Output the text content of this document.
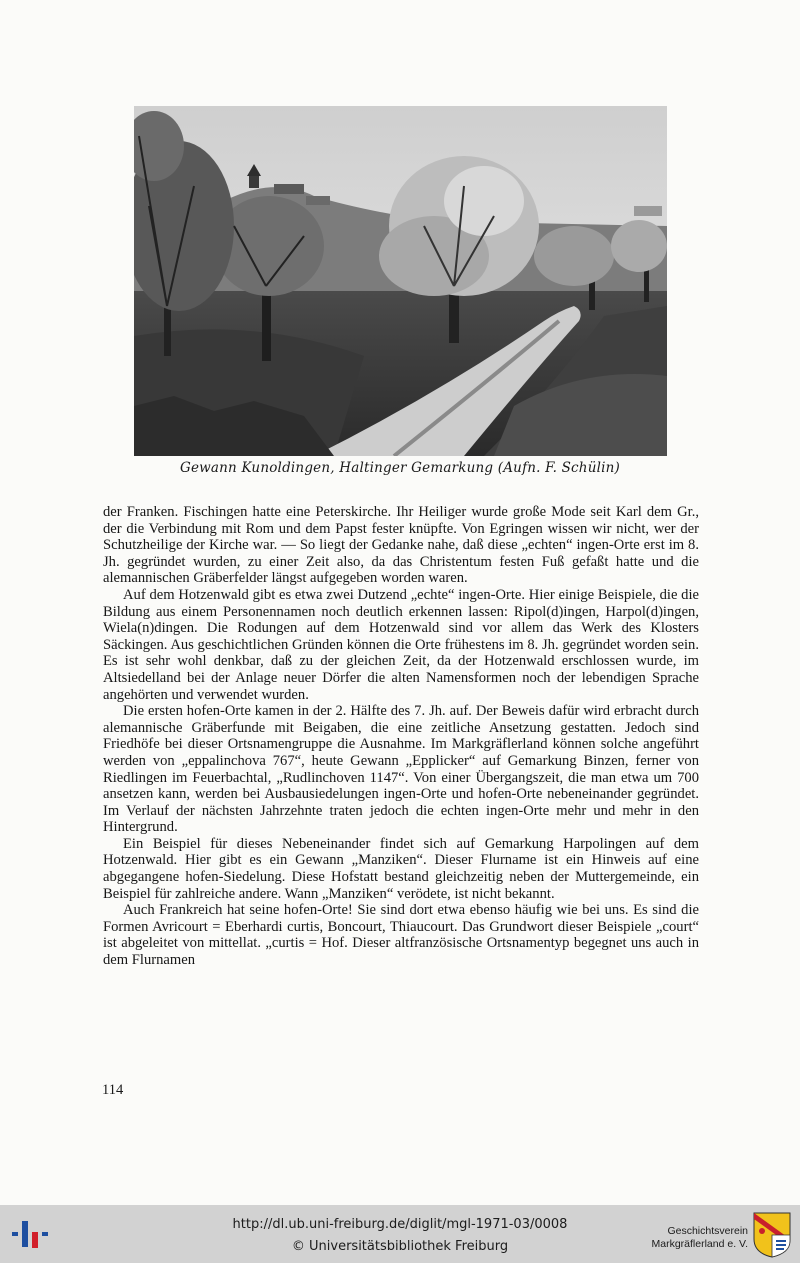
Gewann Kunoldingen, Haltinger Gemarkung (Aufn. F. Schülin)

der Franken. Fischingen hatte eine Peterskirche. Ihr Heiliger wurde große Mode seit Karl dem Gr., der die Verbindung mit Rom und dem Papst fester knüpfte. Von Egringen wissen wir nicht, wer der Schutzheilige der Kirche war. — So liegt der Gedanke nahe, daß diese „echten“ ingen-Orte erst im 8. Jh. gegründet wurden, zu einer Zeit also, da das Christentum festen Fuß gefaßt hatte und die alemannischen Gräberfelder längst aufgegeben worden waren.

Auf dem Hotzenwald gibt es etwa zwei Dutzend „echte“ ingen-Orte. Hier einige Beispiele, die die Bildung aus einem Personennamen noch deutlich erkennen lassen: Ripol(d)ingen, Harpol(d)ingen, Wiela(n)dingen. Die Rodungen auf dem Hotzenwald sind vor allem das Werk des Klosters Säckingen. Aus geschichtlichen Gründen können die Orte frühestens im 8. Jh. gegründet worden sein. Es ist sehr wohl denkbar, daß zu der gleichen Zeit, da der Hotzenwald erschlossen wurde, im Altsiedelland bei der Anlage neuer Dörfer die alten Namensformen noch der lebendigen Sprache angehörten und verwendet wurden.

Die ersten hofen-Orte kamen in der 2. Hälfte des 7. Jh. auf. Der Beweis dafür wird erbracht durch alemannische Gräberfunde mit Beigaben, die eine zeitliche Ansetzung gestatten. Jedoch sind Friedhöfe bei dieser Ortsnamengruppe die Ausnahme. Im Markgräflerland können solche angeführt werden von „eppalinchova 767“, heute Gewann „Epplicker“ auf Gemarkung Binzen, ferner von Riedlingen im Feuerbachtal, „Rudlinchoven 1147“. Von einer Übergangszeit, die man etwa um 700 ansetzen kann, werden bei Ausbausiedelungen ingen-Orte und hofen-Orte nebeneinander gegründet. Im Verlauf der nächsten Jahrzehnte traten jedoch die echten ingen-Orte mehr und mehr in den Hintergrund.

Ein Beispiel für dieses Nebeneinander findet sich auf Gemarkung Harpolingen auf dem Hotzenwald. Hier gibt es ein Gewann „Manziken“. Dieser Flurname ist ein Hinweis auf eine abgegangene hofen-Siedelung. Diese Hofstatt bestand gleichzeitig neben der Muttergemeinde, ein Beispiel für zahlreiche andere. Wann „Manziken“ verödete, ist nicht bekannt.

Auch Frankreich hat seine hofen-Orte! Sie sind dort etwa ebenso häufig wie bei uns. Es sind die Formen Avricourt = Eberhardi curtis, Boncourt, Thiaucourt. Das Grundwort dieser Beispiele „court“ ist abgeleitet von mittellat. „curtis = Hof. Dieser altfranzösische Ortsnamentyp begegnet uns auch in dem Flurnamen

114
http://dl.ub.uni-freiburg.de/diglit/mgl-1971-03/0008
© Universitätsbibliothek Freiburg
Geschichtsverein
Markgräflerland e. V.
